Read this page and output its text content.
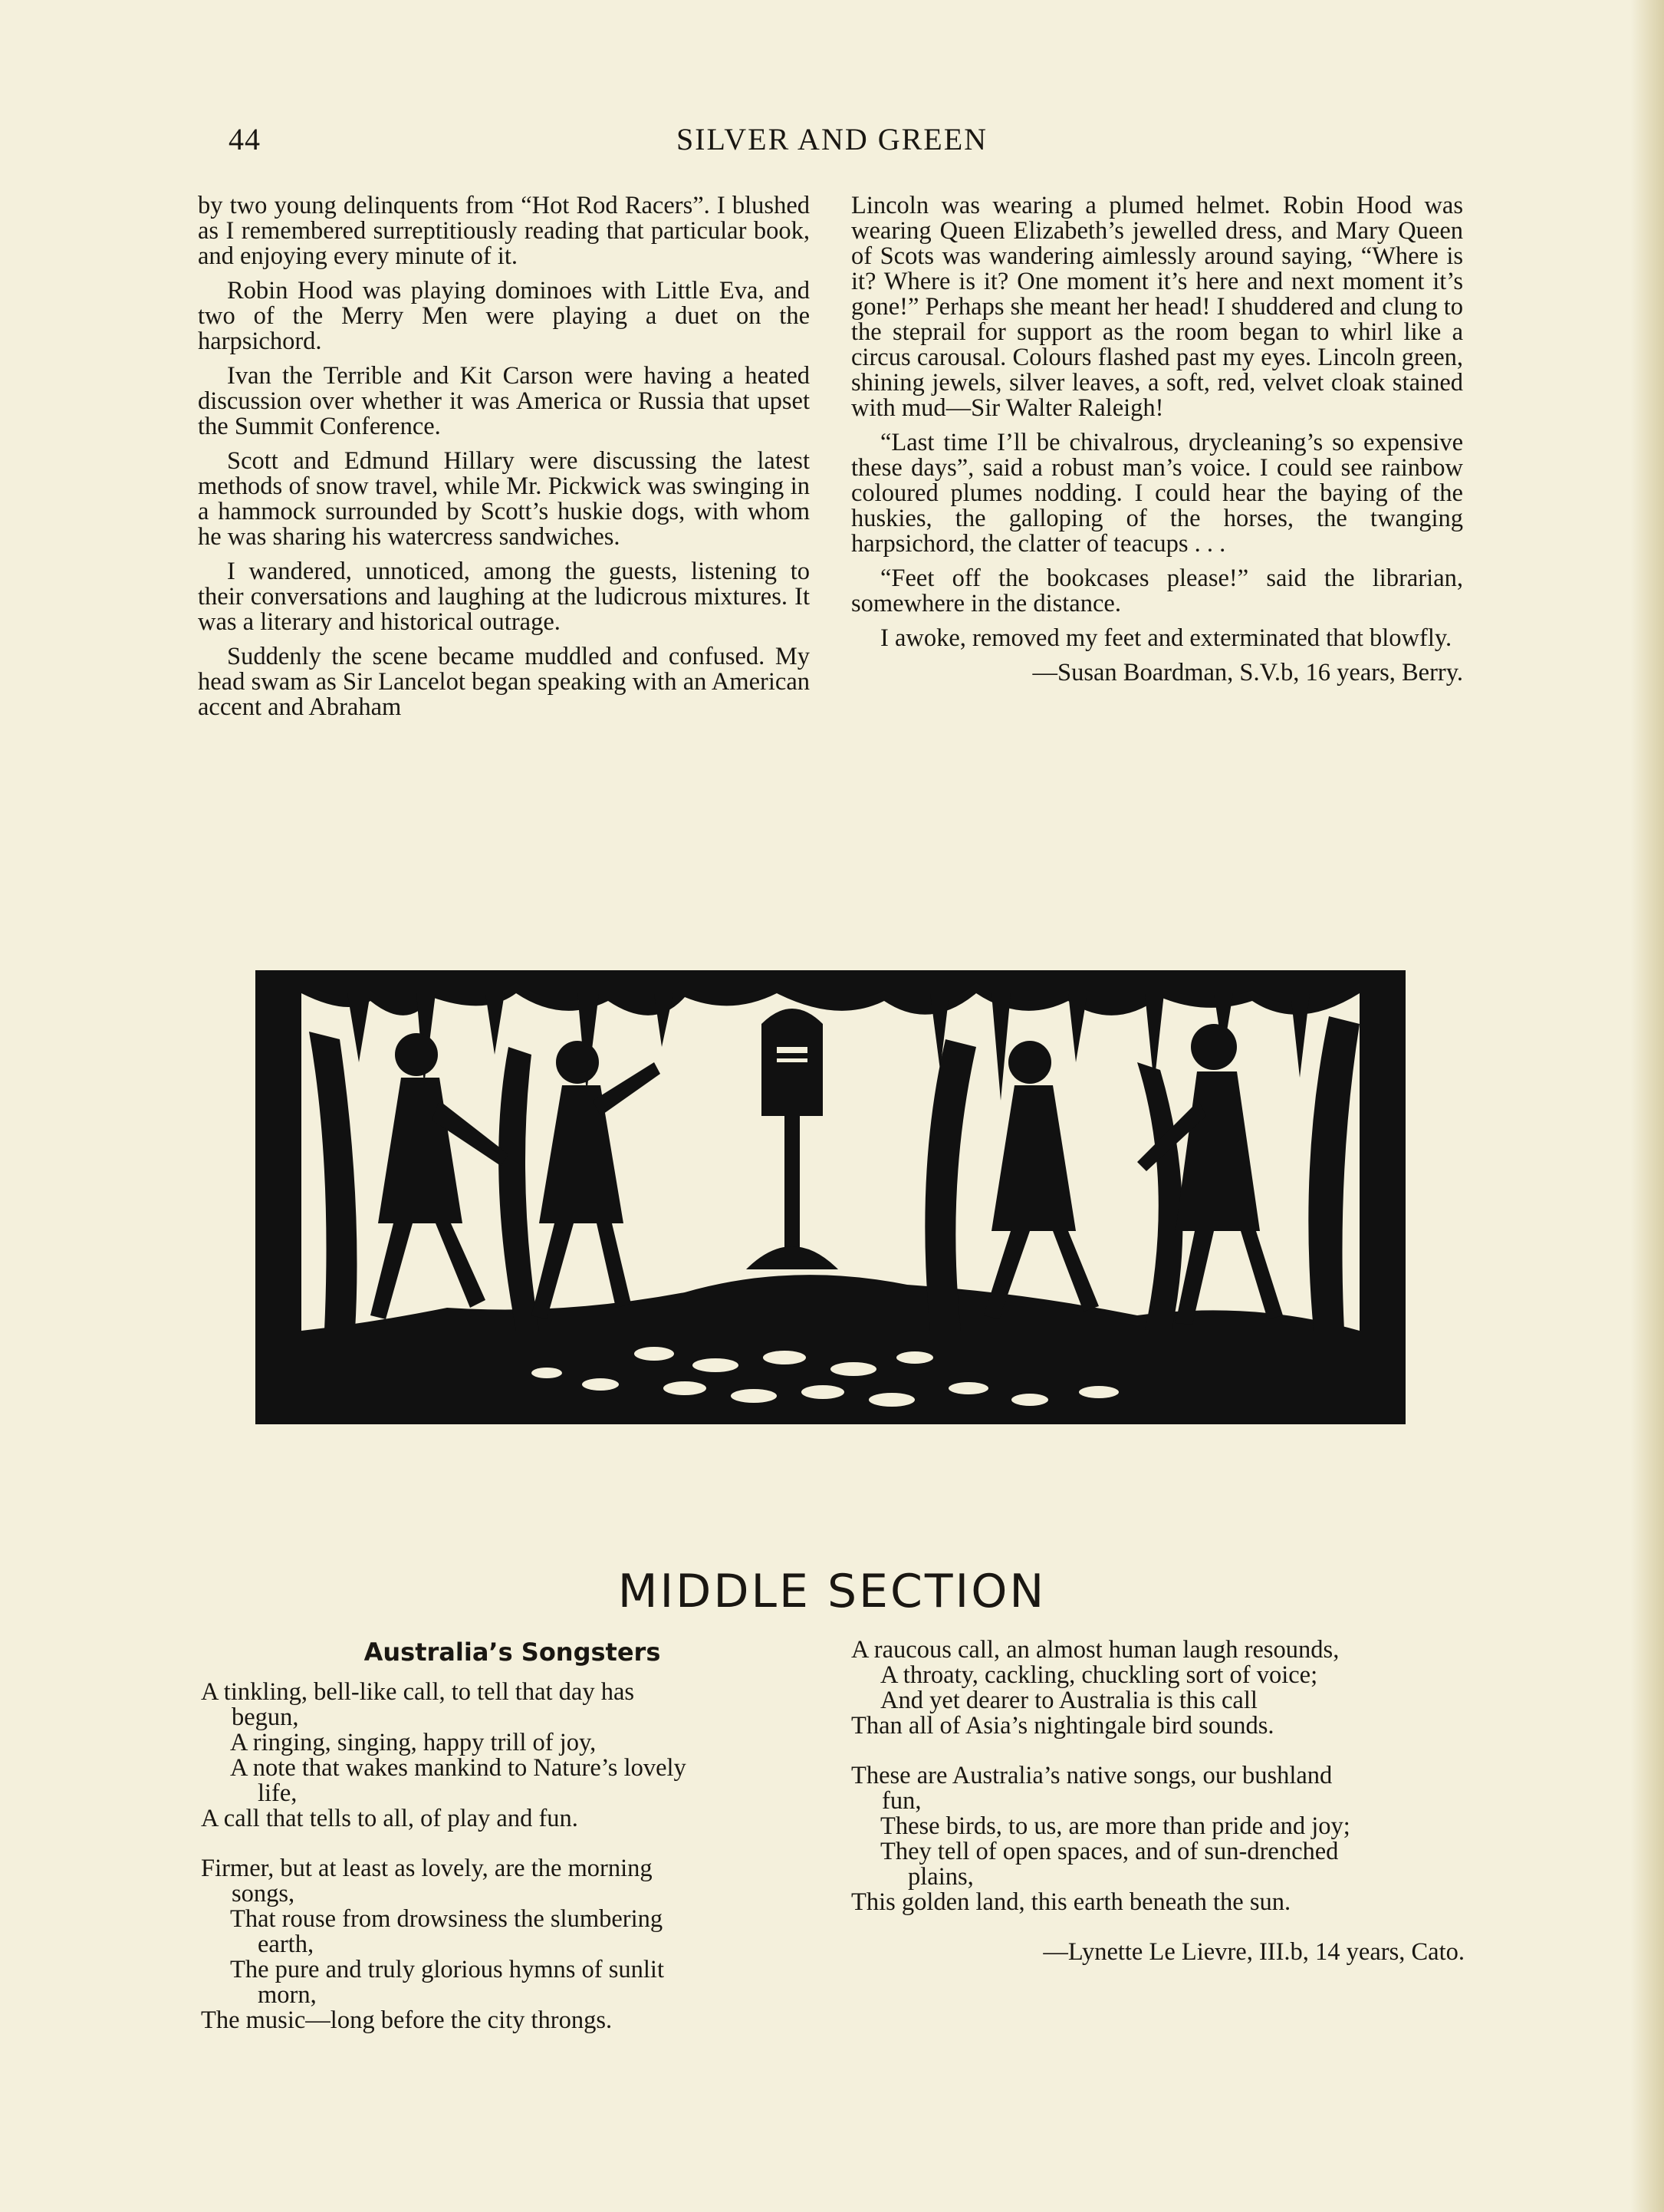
44	SILVER AND GREEN

by two young delinquents from “Hot Rod Racers”. I blushed as I remembered surreptitiously reading that particular book, and enjoying every minute of it.

Robin Hood was playing dominoes with Little Eva, and two of the Merry Men were playing a duet on the harpsichord.

Ivan the Terrible and Kit Carson were having a heated discussion over whether it was America or Russia that upset the Summit Conference.

Scott and Edmund Hillary were discussing the latest methods of snow travel, while Mr. Pickwick was swinging in a hammock surrounded by Scott’s huskie dogs, with whom he was sharing his watercress sandwiches.

I wandered, unnoticed, among the guests, listening to their conversations and laughing at the ludicrous mixtures. It was a literary and historical outrage.

Suddenly the scene became muddled and confused. My head swam as Sir Lancelot began speaking with an American accent and Abraham

Lincoln was wearing a plumed helmet. Robin Hood was wearing Queen Elizabeth’s jewelled dress, and Mary Queen of Scots was wandering aimlessly around saying, “Where is it? Where is it? One moment it’s here and next moment it’s gone!” Perhaps she meant her head! I shuddered and clung to the steprail for support as the room began to whirl like a circus carousal. Colours flashed past my eyes. Lincoln green, shining jewels, silver leaves, a soft, red, velvet cloak stained with mud—Sir Walter Raleigh!

“Last time I’ll be chivalrous, drycleaning’s so expensive these days”, said a robust man’s voice. I could see rainbow coloured plumes nodding. I could hear the baying of the huskies, the galloping of the horses, the twanging harpsichord, the clatter of teacups . . .

“Feet off the bookcases please!” said the librarian, somewhere in the distance.

I awoke, removed my feet and exterminated that blowfly.

—Susan Boardman, S.V.b, 16 years, Berry.
MIDDLE SECTION
Australia’s Songsters
A tinkling, bell-like call, to tell that day has
begun,
A ringing, singing, happy trill of joy,
A note that wakes mankind to Nature’s lovely
life,
A call that tells to all, of play and fun.
Firmer, but at least as lovely, are the morning
songs,
That rouse from drowsiness the slumbering
earth,
The pure and truly glorious hymns of sunlit
morn,
The music—long before the city throngs.
A raucous call, an almost human laugh resounds,
A throaty, cackling, chuckling sort of voice;
And yet dearer to Australia is this call
Than all of Asia’s nightingale bird sounds.
These are Australia’s native songs, our bushland
fun,
These birds, to us, are more than pride and joy;
They tell of open spaces, and of sun-drenched
plains,
This golden land, this earth beneath the sun.
—Lynette Le Lievre, III.b, 14 years, Cato.
